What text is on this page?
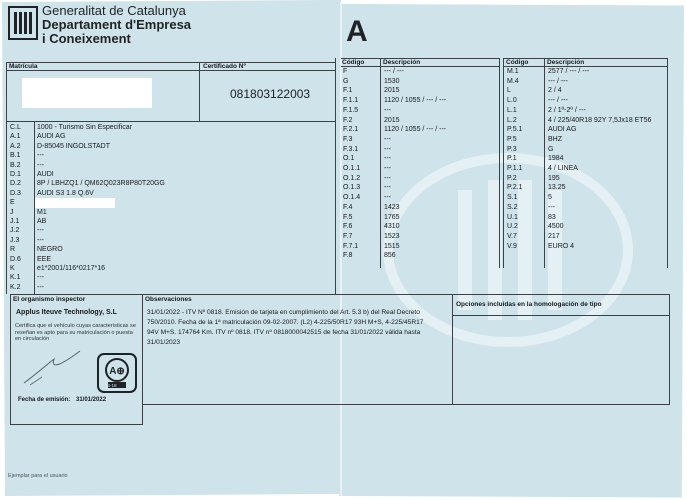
Generalitat de Catalunya
Departament d'Empresa
i Coneixement	A
Matrícula	Certificado Nº
081803122003
C.L 1000 - Turismo Sin Especificar
A.1 AUDI AG
A.2 D-85045 INGOLSTADT
B.1 ---
B.2 ---
D.1 AUDI
D.2 8P / LBHZQ1 / QM62Q023R8P80T20GG
D.3 AUDI S3 1.8 Q.6V
E
J	M1
J.1	AB
J.2	---
J.3	---
R	NEGRO
D.6 EEE
K	e1*2001/116*0217*16
K.1 ---
K.2 ---
Código	Descripción
F	--- / ---
G	1530
F.1	2015
F.1.1	1120 / 1055 / --- / ---
F.1.5	---
F.2	2015
F.2.1	1120 / 1055 / --- / ---
F.3	---
F.3.1	---
O.1	---
O.1.1	---
O.1.2	---
O.1.3	---
O.1.4	---
F.4	1423
F.5	1765
F.6	4310
F.7	1523
F.7.1	1515
F.8	856
Código	Descripción
M.1	2577 / --- / ---
M.4	--- / ---
L	2 / 4
L.0	--- / ---
L.1	2 / 1º-2º / ---
L.2	4 / 225/40R18 92Y 7,5Jx18 ET56
P.5.1	AUDI AG
P.5	BHZ
P.3	G
P.1	1984
P.1.1	4 / LINEA
P.2	195
P.2.1	13.25
S.1	5
S.2	---
U.1	83
U.2	4500
V.7	217
V.9	EURO 4
El organismo inspector
Applus Iteuve Technology, S.L
Certifica que el vehículo cuyas características se reseñan es apto para su matriculación o puesta en circulación
A⊕
A B-18
Fecha de emisión: 31/01/2022
Observaciones
31/01/2022 - ITV Nº 0818. Emisión de tarjeta en cumplimiento del Art. 5.3 b) del Real Decreto
750/2010. Fecha de la 1ª matriculación 09-02-2007. (L2) 4-225/50R17 93H M+S, 4-225/45R17
94V M+S. 174764 Km. ITV nº 0818. ITV nº 0818000042515 de fecha 31/01/2022 válida hasta
31/01/2023
Opciones incluidas en la homologación de tipo
Ejemplar para el usuario
